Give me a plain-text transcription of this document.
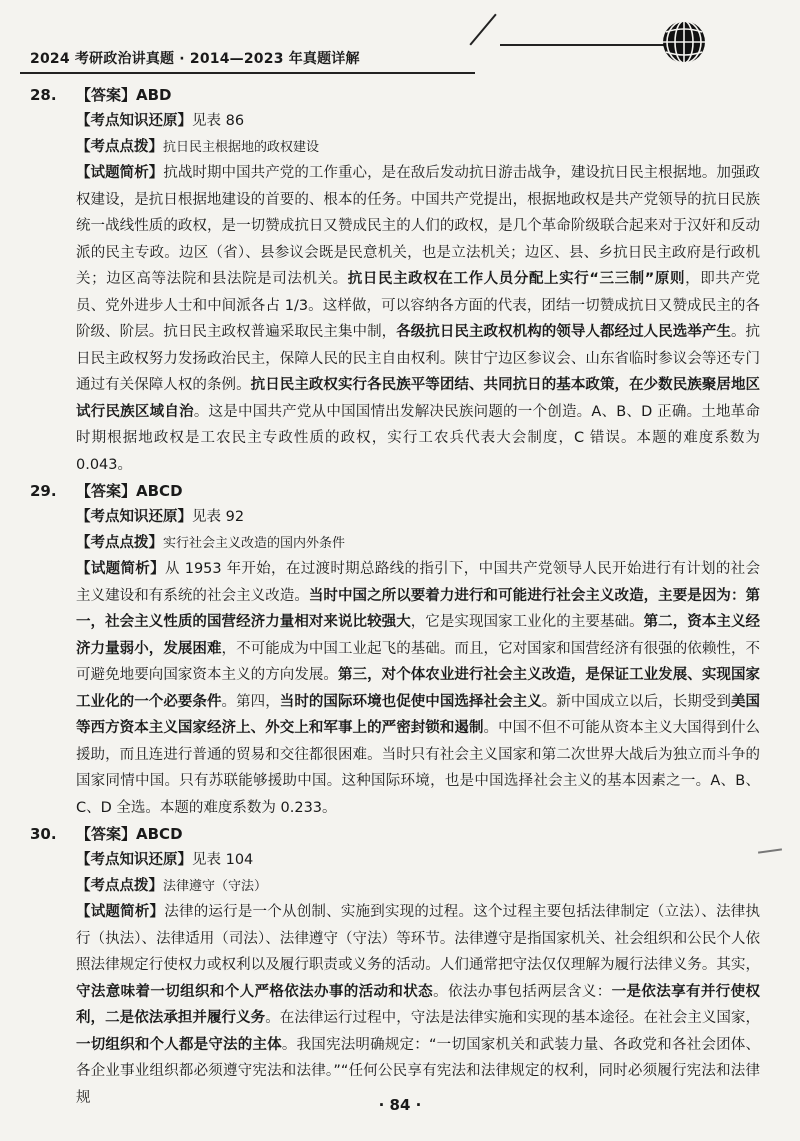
2024 考研政治讲真题 · 2014—2023 年真题详解
28. 【答案】ABD
【考点知识还原】见表 86
【考点点拨】抗日民主根据地的政权建设
【试题简析】抗战时期中国共产党的工作重心，是在敌后发动抗日游击战争，建设抗日民主根据地。加强政权建设，是抗日根据地建设的首要的、根本的任务。中国共产党提出，根据地政权是共产党领导的抗日民族统一战线性质的政权，是一切赞成抗日又赞成民主的人们的政权，是几个革命阶级联合起来对于汉奸和反动派的民主专政。边区（省）、县参议会既是民意机关，也是立法机关；边区、县、乡抗日民主政府是行政机关；边区高等法院和县法院是司法机关。抗日民主政权在工作人员分配上实行“三三制”原则，即共产党员、党外进步人士和中间派各占 1/3。这样做，可以容纳各方面的代表，团结一切赞成抗日又赞成民主的各阶级、阶层。抗日民主政权普遍采取民主集中制，各级抗日民主政权机构的领导人都经过人民选举产生。抗日民主政权努力发扬政治民主，保障人民的民主自由权利。陕甘宁边区参议会、山东省临时参议会等还专门通过有关保障人权的条例。抗日民主政权实行各民族平等团结、共同抗日的基本政策，在少数民族聚居地区试行民族区域自治。这是中国共产党从中国国情出发解决民族问题的一个创造。A、B、D 正确。土地革命时期根据地政权是工农民主专政性质的政权，实行工农兵代表大会制度，C 错误。本题的难度系数为 0.043。
29. 【答案】ABCD
【考点知识还原】见表 92
【考点点拨】实行社会主义改造的国内外条件
【试题简析】从 1953 年开始，在过渡时期总路线的指引下，中国共产党领导人民开始进行有计划的社会主义建设和有系统的社会主义改造。当时中国之所以要着力进行和可能进行社会主义改造，主要是因为：第一，社会主义性质的国营经济力量相对来说比较强大，它是实现国家工业化的主要基础。第二，资本主义经济力量弱小，发展困难，不可能成为中国工业起飞的基础。而且，它对国家和国营经济有很强的依赖性，不可避免地要向国家资本主义的方向发展。第三，对个体农业进行社会主义改造，是保证工业发展、实现国家工业化的一个必要条件。第四，当时的国际环境也促使中国选择社会主义。新中国成立以后，长期受到美国等西方资本主义国家经济上、外交上和军事上的严密封锁和遏制。中国不但不可能从资本主义大国得到什么援助，而且连进行普通的贸易和交往都很困难。当时只有社会主义国家和第二次世界大战后为独立而斗争的国家同情中国。只有苏联能够援助中国。这种国际环境，也是中国选择社会主义的基本因素之一。A、B、C、D 全选。本题的难度系数为 0.233。
30. 【答案】ABCD
【考点知识还原】见表 104
【考点点拨】法律遵守（守法）
【试题简析】法律的运行是一个从创制、实施到实现的过程。这个过程主要包括法律制定（立法）、法律执行（执法）、法律适用（司法）、法律遵守（守法）等环节。法律遵守是指国家机关、社会组织和公民个人依照法律规定行使权力或权利以及履行职责或义务的活动。人们通常把守法仅仅理解为履行法律义务。其实，守法意味着一切组织和个人严格依法办事的活动和状态。依法办事包括两层含义：一是依法享有并行使权利，二是依法承担并履行义务。在法律运行过程中，守法是法律实施和实现的基本途径。在社会主义国家，一切组织和个人都是守法的主体。我国宪法明确规定：“一切国家机关和武装力量、各政党和各社会团体、各企业事业组织都必须遵守宪法和法律。”“任何公民享有宪法和法律规定的权利，同时必须履行宪法和法律规	· 84 ·
